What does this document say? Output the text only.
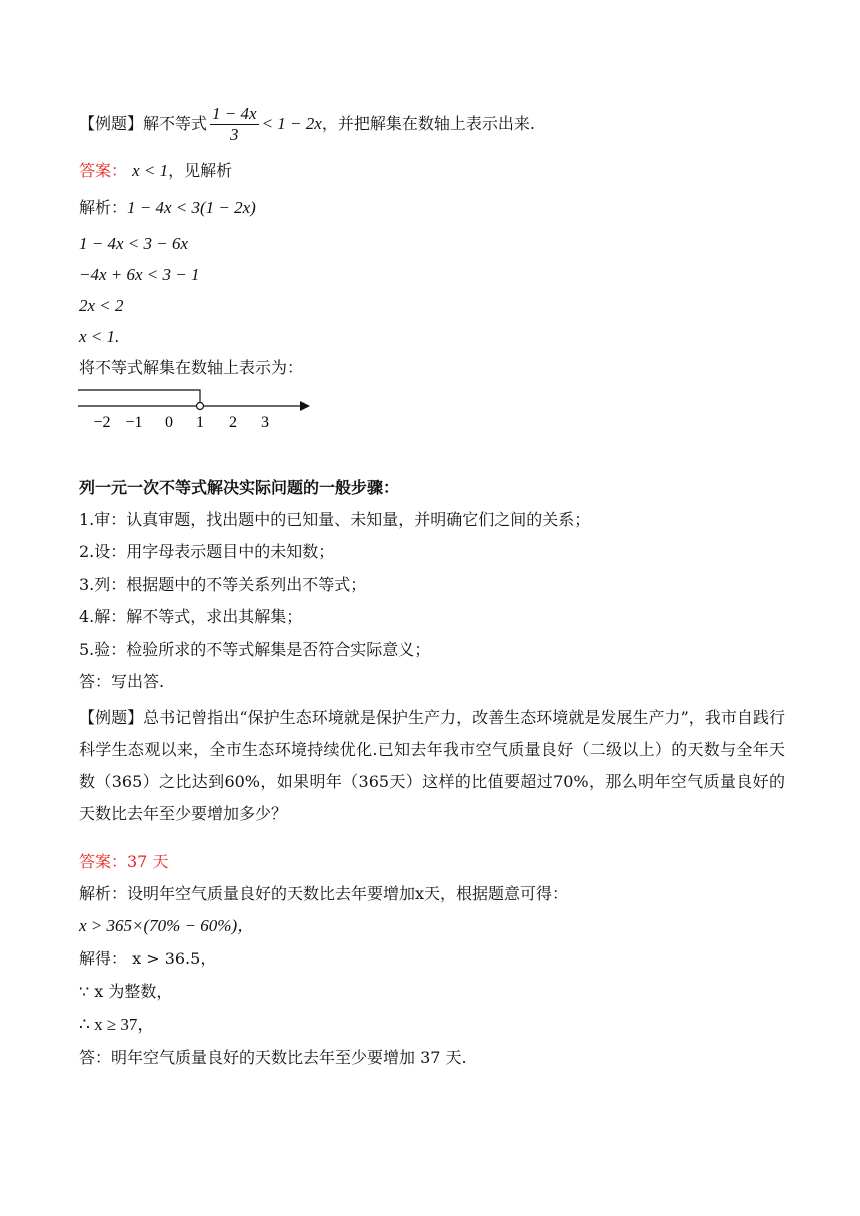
【例题】解不等式 $\frac{1 - 4x}{3} < 1 - 2x$，并把解集在数轴上表示出来.
答案： x < 1，见解析
解析：1 − 4x < 3(1 − 2x)
1 − 4x < 3 − 6x
−4x + 6x < 3 − 1
2x < 2
x < 1.
将不等式解集在数轴上表示为：
−2 −1 0 1 2 3
列一元一次不等式解决实际问题的一般步骤：
1.审：认真审题，找出题中的已知量、未知量，并明确它们之间的关系；
2.设：用字母表示题目中的未知数；
3.列：根据题中的不等关系列出不等式；
4.解：解不等式，求出其解集；
5.验：检验所求的不等式解集是否符合实际意义；
答：写出答.
【例题】总书记曾指出“保护生态环境就是保护生产力，改善生态环境就是发展生产力”，我市自践行科学生态观以来，全市生态环境持续优化.已知去年我市空气质量良好（二级以上）的天数与全年天数（365）之比达到60%，如果明年（365天）这样的比值要超过70%，那么明年空气质量良好的天数比去年至少要增加多少？
答案：37 天
解析：设明年空气质量良好的天数比去年要增加x天，根据题意可得：
x > 365×(70% − 60%)，
解得： x > 36.5，
∵ x 为整数，
∴ x ≥ 37，
答：明年空气质量良好的天数比去年至少要增加 37 天.
